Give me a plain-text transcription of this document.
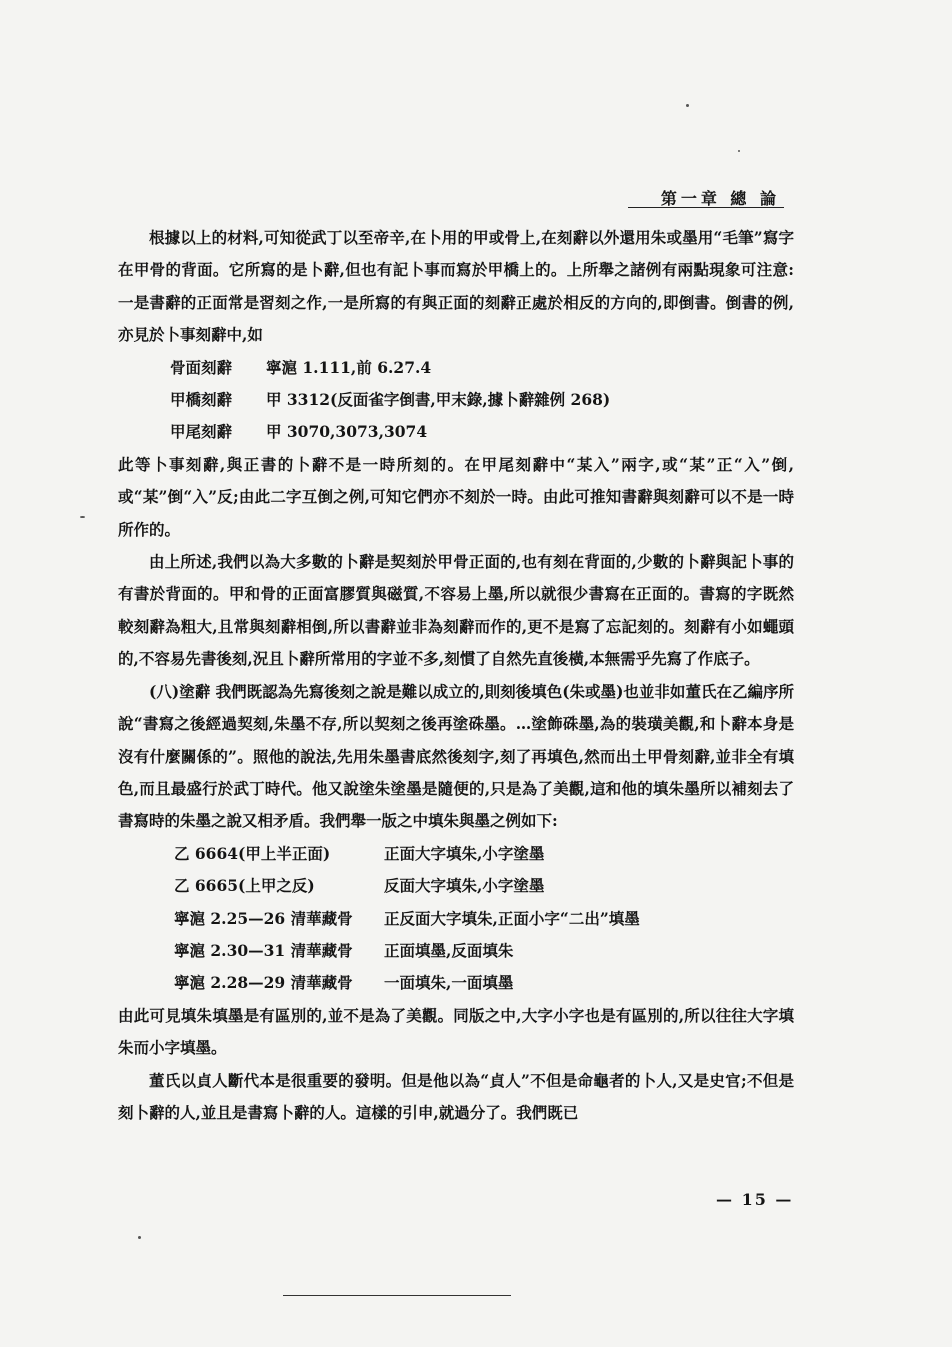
第一章 總 論

根據以上的材料,可知從武丁以至帝辛,在卜用的甲或骨上,在刻辭以外還用朱或墨用“毛筆”寫字在甲骨的背面。它所寫的是卜辭,但也有記卜事而寫於甲橋上的。上所舉之諸例有兩點現象可注意:一是書辭的正面常是習刻之作,一是所寫的有與正面的刻辭正處於相反的方向的,即倒書。倒書的例,亦見於卜事刻辭中,如

骨面刻辭 寧滬 1.111,前 6.27.4

甲橋刻辭 甲 3312(反面雀字倒書,甲末錄,據卜辭雜例 268)

甲尾刻辭 甲 3070,3073,3074

此等卜事刻辭,與正書的卜辭不是一時所刻的。在甲尾刻辭中“某入”兩字,或“某”正“入”倒,或“某”倒“入”反;由此二字互倒之例,可知它們亦不刻於一時。由此可推知書辭與刻辭可以不是一時所作的。

由上所述,我們以為大多數的卜辭是契刻於甲骨正面的,也有刻在背面的,少數的卜辭與記卜事的有書於背面的。甲和骨的正面富膠質與磁質,不容易上墨,所以就很少書寫在正面的。書寫的字既然較刻辭為粗大,且常與刻辭相倒,所以書辭並非為刻辭而作的,更不是寫了忘記刻的。刻辭有小如蠅頭的,不容易先書後刻,況且卜辭所常用的字並不多,刻慣了自然先直後橫,本無需乎先寫了作底子。

(八)塗辭 我們既認為先寫後刻之說是難以成立的,則刻後填色(朱或墨)也並非如董氏在乙編序所說“書寫之後經過契刻,朱墨不存,所以契刻之後再塗硃墨。…塗飾硃墨,為的裝璜美觀,和卜辭本身是沒有什麼關係的”。照他的說法,先用朱墨書底然後刻字,刻了再填色,然而出土甲骨刻辭,並非全有填色,而且最盛行於武丁時代。他又說塗朱塗墨是隨便的,只是為了美觀,這和他的填朱墨所以補刻去了書寫時的朱墨之說又相矛盾。我們舉一版之中填朱與墨之例如下:

乙 6664(甲上半正面)	正面大字填朱,小字塗墨

乙 6665(上甲之反)	反面大字填朱,小字塗墨

寧滬 2.25—26 清華藏骨 正反面大字填朱,正面小字“二出”填墨

寧滬 2.30—31 清華藏骨 正面填墨,反面填朱

寧滬 2.28—29 清華藏骨 一面填朱,一面填墨

由此可見填朱填墨是有區別的,並不是為了美觀。同版之中,大字小字也是有區別的,所以往往大字填朱而小字填墨。

董氏以貞人斷代本是很重要的發明。但是他以為“貞人”不但是命龜者的卜人,又是史官;不但是刻卜辭的人,並且是書寫卜辭的人。這樣的引申,就過分了。我們既已

— 15 —
